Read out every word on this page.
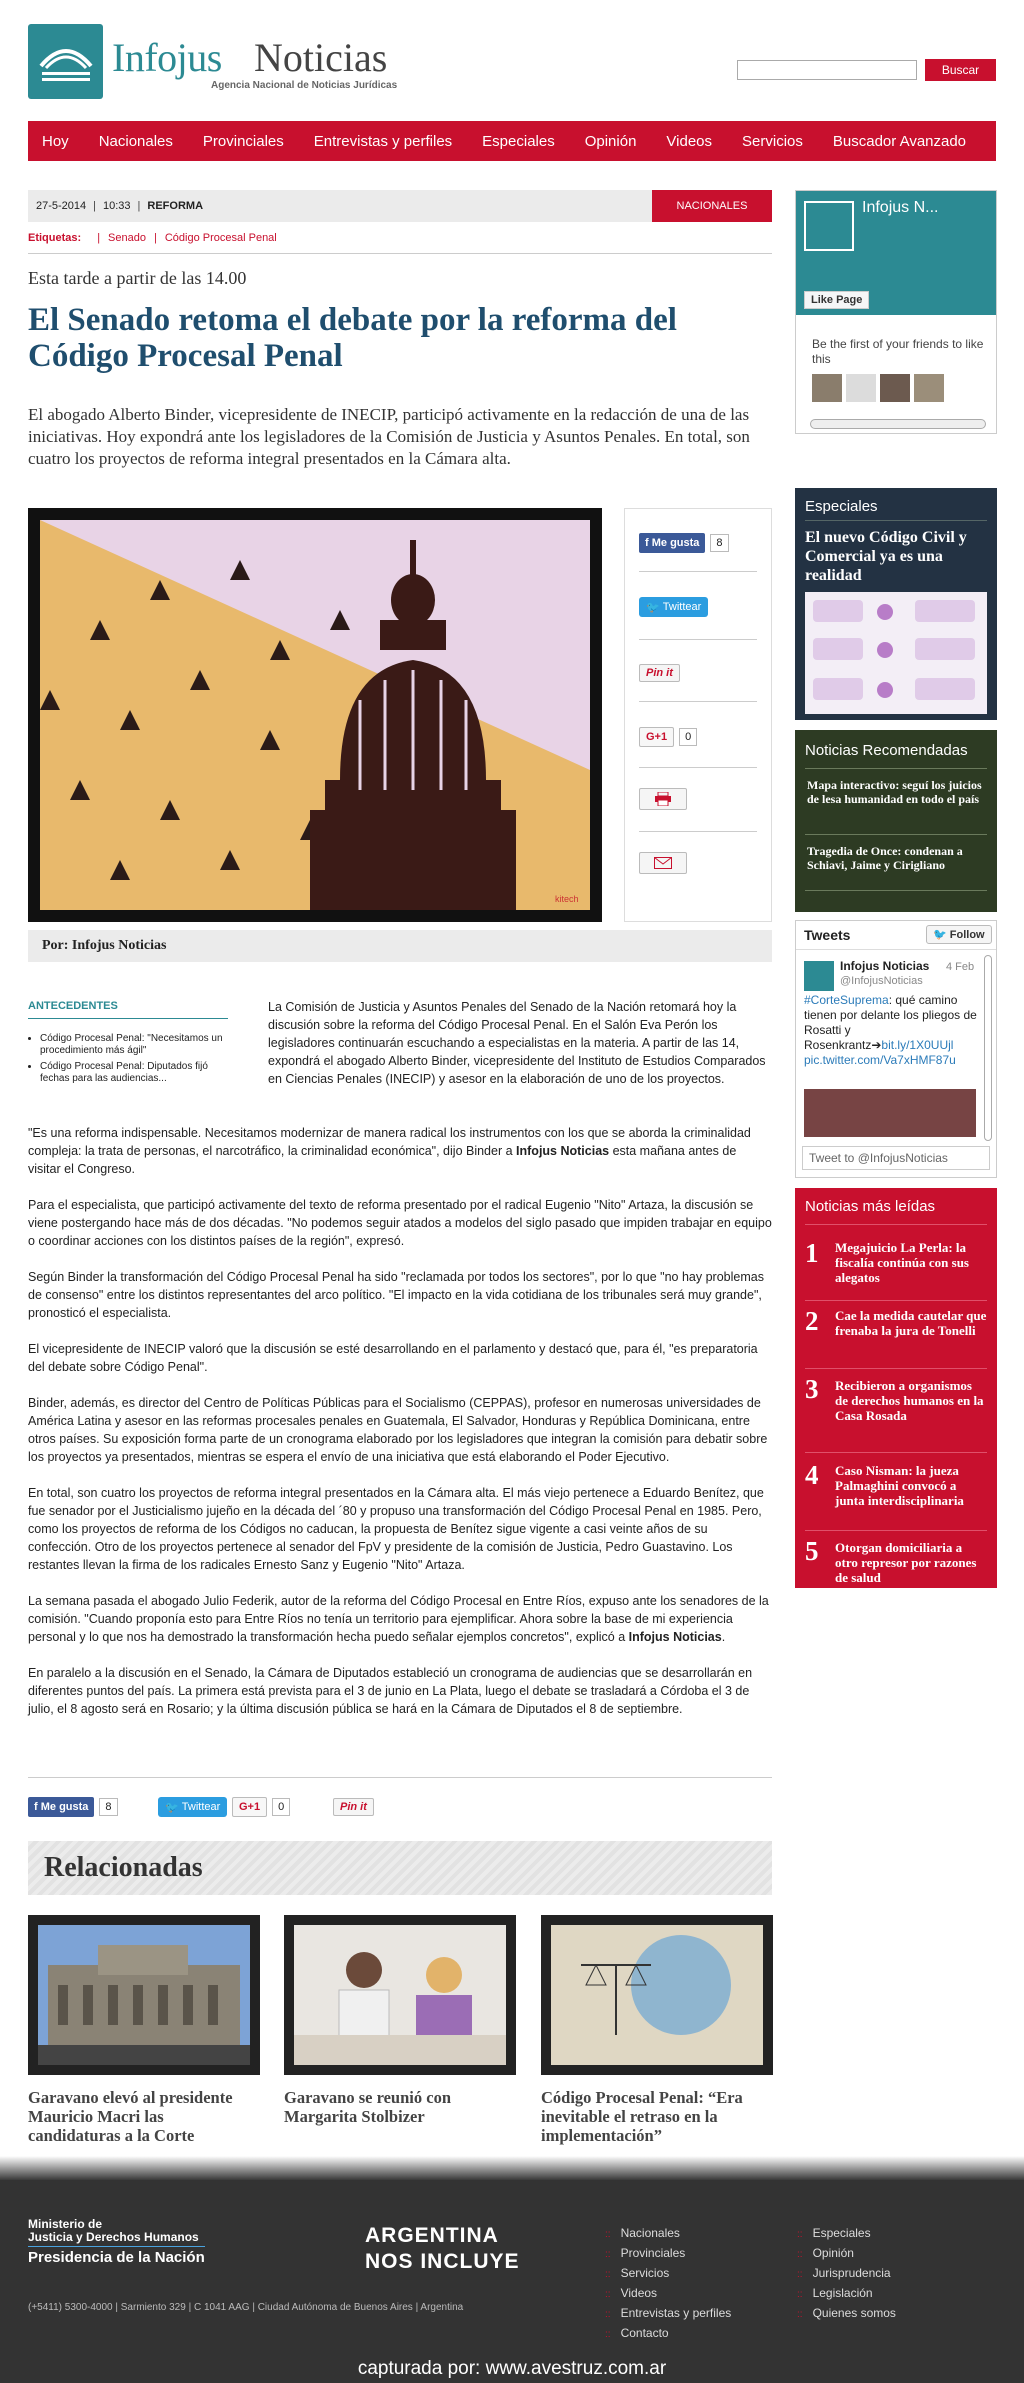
Infojus Noticias
Agencia Nacional de Noticias Jurídicas
Buscar
Hoy Nacionales Provinciales Entrevistas y perfiles Especiales Opinión Videos Servicios Buscador Avanzado
27-5-2014 | 10:33 | REFORMA	NACIONALES
Etiquetas: | Senado | Código Procesal Penal
Esta tarde a partir de las 14.00
El Senado retoma el debate por la reforma del Código Procesal Penal

El abogado Alberto Binder, vicepresidente de INECIP, participó activamente en la redacción de una de las iniciativas. Hoy expondrá ante los legisladores de la Comisión de Justicia y Asuntos Penales. En total, son cuatro los proyectos de reforma integral presentados en la Cámara alta.

kitech
f Me gusta	8
🐦 Twittear
Pin it
G+1	0
Por: Infojus Noticias
ANTECEDENTES
• Código Procesal Penal: "Necesitamos un procedimiento más ágil"
• Código Procesal Penal: Diputados fijó fechas para las audiencias...

La Comisión de Justicia y Asuntos Penales del Senado de la Nación retomará hoy la discusión sobre la reforma del Código Procesal Penal. En el Salón Eva Perón los legisladores continuarán escuchando a especialistas en la materia. A partir de las 14, expondrá el abogado Alberto Binder, vicepresidente del Instituto de Estudios Comparados en Ciencias Penales (INECIP) y asesor en la elaboración de uno de los proyectos.

"Es una reforma indispensable. Necesitamos modernizar de manera radical los instrumentos con los que se aborda la criminalidad compleja: la trata de personas, el narcotráfico, la criminalidad económica", dijo Binder a Infojus Noticias esta mañana antes de visitar el Congreso.

Para el especialista, que participó activamente del texto de reforma presentado por el radical Eugenio "Nito" Artaza, la discusión se viene postergando hace más de dos décadas. "No podemos seguir atados a modelos del siglo pasado que impiden trabajar en equipo o coordinar acciones con los distintos países de la región", expresó.

Según Binder la transformación del Código Procesal Penal ha sido "reclamada por todos los sectores", por lo que "no hay problemas de consenso" entre los distintos representantes del arco político. "El impacto en la vida cotidiana de los tribunales será muy grande", pronosticó el especialista.

El vicepresidente de INECIP valoró que la discusión se esté desarrollando en el parlamento y destacó que, para él, "es preparatoria del debate sobre Código Penal".

Binder, además, es director del Centro de Políticas Públicas para el Socialismo (CEPPAS), profesor en numerosas universidades de América Latina y asesor en las reformas procesales penales en Guatemala, El Salvador, Honduras y República Dominicana, entre otros países. Su exposición forma parte de un cronograma elaborado por los legisladores que integran la comisión para debatir sobre los proyectos ya presentados, mientras se espera el envío de una iniciativa que está elaborando el Poder Ejecutivo.

En total, son cuatro los proyectos de reforma integral presentados en la Cámara alta. El más viejo pertenece a Eduardo Benítez, que fue senador por el Justicialismo jujeño en la década del ´80 y propuso una transformación del Código Procesal Penal en 1985. Pero, como los proyectos de reforma de los Códigos no caducan, la propuesta de Benítez sigue vigente a casi veinte años de su confección. Otro de los proyectos pertenece al senador del FpV y presidente de la comisión de Justicia, Pedro Guastavino. Los restantes llevan la firma de los radicales Ernesto Sanz y Eugenio "Nito" Artaza.

La semana pasada el abogado Julio Federik, autor de la reforma del Código Procesal en Entre Ríos, expuso ante los senadores de la comisión. "Cuando proponía esto para Entre Ríos no tenía un territorio para ejemplificar. Ahora sobre la base de mi experiencia personal y lo que nos ha demostrado la transformación hecha puedo señalar ejemplos concretos", explicó a Infojus Noticias.

En paralelo a la discusión en el Senado, la Cámara de Diputados estableció un cronograma de audiencias que se desarrollarán en diferentes puntos del país. La primera está prevista para el 3 de junio en La Plata, luego el debate se trasladará a Córdoba el 3 de julio, el 8 agosto será en Rosario; y la última discusión pública se hará en la Cámara de Diputados el 8 de septiembre.

f Me gusta	8	🐦 Twittear	G+1	0	Pin it
Relacionadas
Garavano elevó al presidente Mauricio Macri las candidaturas a la Corte
Garavano se reunió con Margarita Stolbizer
Código Procesal Penal: “Era inevitable el retraso en la implementación”
Infojus N...
Like Page
Be the first of your friends to like this
Especiales
El nuevo Código Civil y Comercial ya es una realidad
Noticias Recomendadas
Mapa interactivo: seguí los juicios de lesa humanidad en todo el país
Tragedia de Once: condenan a Schiavi, Jaime y Cirigliano
Tweets	🐦 Follow
Infojus Noticias 4 Feb
@InfojusNoticias
#CorteSuprema: qué camino tienen por delante los pliegos de Rosatti y Rosenkrantz➔bit.ly/1X0UUjl pic.twitter.com/Va7xHMF87u
Tweet to @InfojusNoticias
Noticias más leídas
1 Megajuicio La Perla: la fiscalía continúa con sus alegatos
2 Cae la medida cautelar que frenaba la jura de Tonelli
3 Recibieron a organismos de derechos humanos en la Casa Rosada
4 Caso Nisman: la jueza Palmaghini convocó a junta interdisciplinaria
5 Otorgan domiciliaria a otro represor por razones de salud
Ministerio de
Justicia y Derechos Humanos
Presidencia de la Nación
ARGENTINA
NOS INCLUYE
(+5411) 5300-4000 | Sarmiento 329 | C 1041 AAG | Ciudad Autónoma de Buenos Aires | Argentina
:: Nacionales
:: Provinciales
:: Servicios
:: Videos
:: Entrevistas y perfiles
:: Contacto
:: Especiales
:: Opinión
:: Jurisprudencia
:: Legislación
:: Quienes somos
capturada por: www.avestruz.com.ar
